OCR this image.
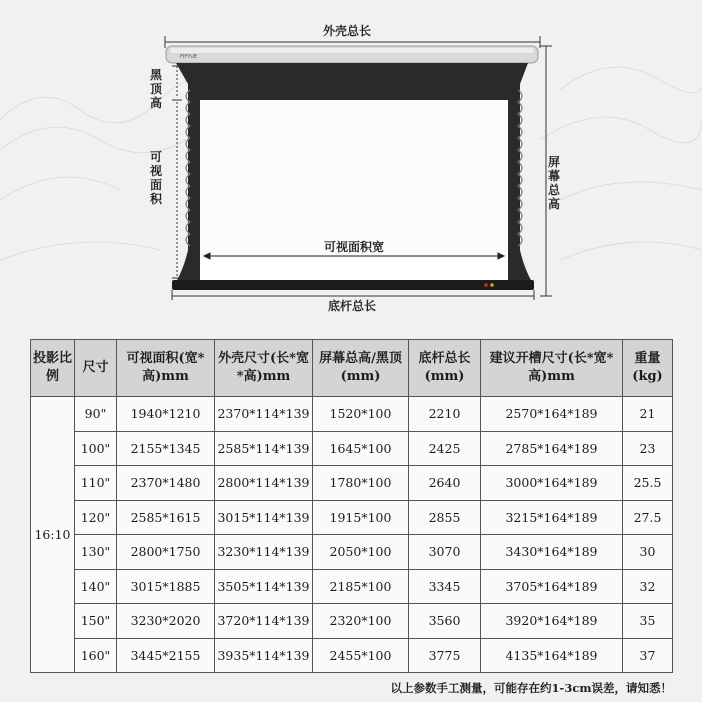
外壳总长
FIFYUE
可视面积宽
底杆总长
黑顶高
可视面积
屏幕总高
投影比例	尺寸	可视面积(宽*高)mm	外壳尺寸(长*宽*高)mm	屏幕总高/黑顶(mm)	底杆总长(mm)	建议开槽尺寸(长*宽*高)mm	重量(kg)
16:10	90"	1940*1210	2370*114*139	1520*100	2210	2570*164*189	21
	100"	2155*1345	2585*114*139	1645*100	2425	2785*164*189	23
	110"	2370*1480	2800*114*139	1780*100	2640	3000*164*189	25.5
	120"	2585*1615	3015*114*139	1915*100	2855	3215*164*189	27.5
	130"	2800*1750	3230*114*139	2050*100	3070	3430*164*189	30
	140"	3015*1885	3505*114*139	2185*100	3345	3705*164*189	32
	150"	3230*2020	3720*114*139	2320*100	3560	3920*164*189	35
	160"	3445*2155	3935*114*139	2455*100	3775	4135*164*189	37
以上参数手工测量，可能存在约1-3cm误差，请知悉！
